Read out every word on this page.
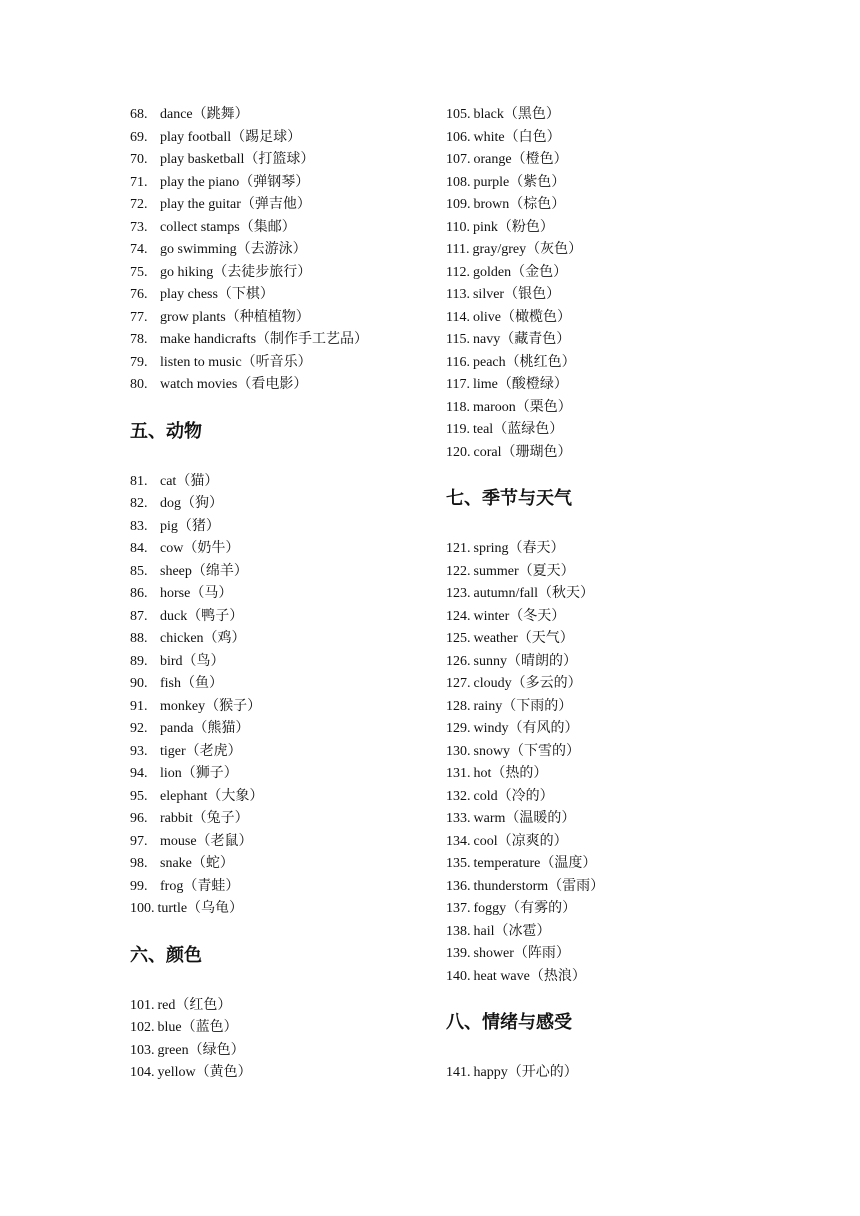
68. dance（跳舞）
69. play football（踢足球）
70. play basketball（打篮球）
71. play the piano（弹钢琴）
72. play the guitar（弹吉他）
73. collect stamps（集邮）
74. go swimming（去游泳）
75. go hiking（去徒步旅行）
76. play chess（下棋）
77. grow plants（种植植物）
78. make handicrafts（制作手工艺品）
79. listen to music（听音乐）
80. watch movies（看电影）
五、动物
81. cat（猫）
82. dog（狗）
83. pig（猪）
84. cow（奶牛）
85. sheep（绵羊）
86. horse（马）
87. duck（鸭子）
88. chicken（鸡）
89. bird（鸟）
90. fish（鱼）
91. monkey（猴子）
92. panda（熊猫）
93. tiger（老虎）
94. lion（狮子）
95. elephant（大象）
96. rabbit（兔子）
97. mouse（老鼠）
98. snake（蛇）
99. frog（青蛙）
100. turtle（乌龟）
六、颜色
101. red（红色）
102. blue（蓝色）
103. green（绿色）
104. yellow（黄色）
105. black（黑色）
106. white（白色）
107. orange（橙色）
108. purple（紫色）
109. brown（棕色）
110. pink（粉色）
111. gray/grey（灰色）
112. golden（金色）
113. silver（银色）
114. olive（橄榄色）
115. navy（藏青色）
116. peach（桃红色）
117. lime（酸橙绿）
118. maroon（栗色）
119. teal（蓝绿色）
120. coral（珊瑚色）
七、季节与天气
121. spring（春天）
122. summer（夏天）
123. autumn/fall（秋天）
124. winter（冬天）
125. weather（天气）
126. sunny（晴朗的）
127. cloudy（多云的）
128. rainy（下雨的）
129. windy（有风的）
130. snowy（下雪的）
131. hot（热的）
132. cold（冷的）
133. warm（温暖的）
134. cool（凉爽的）
135. temperature（温度）
136. thunderstorm（雷雨）
137. foggy（有雾的）
138. hail（冰雹）
139. shower（阵雨）
140. heat wave（热浪）
八、情绪与感受
141. happy（开心的）
